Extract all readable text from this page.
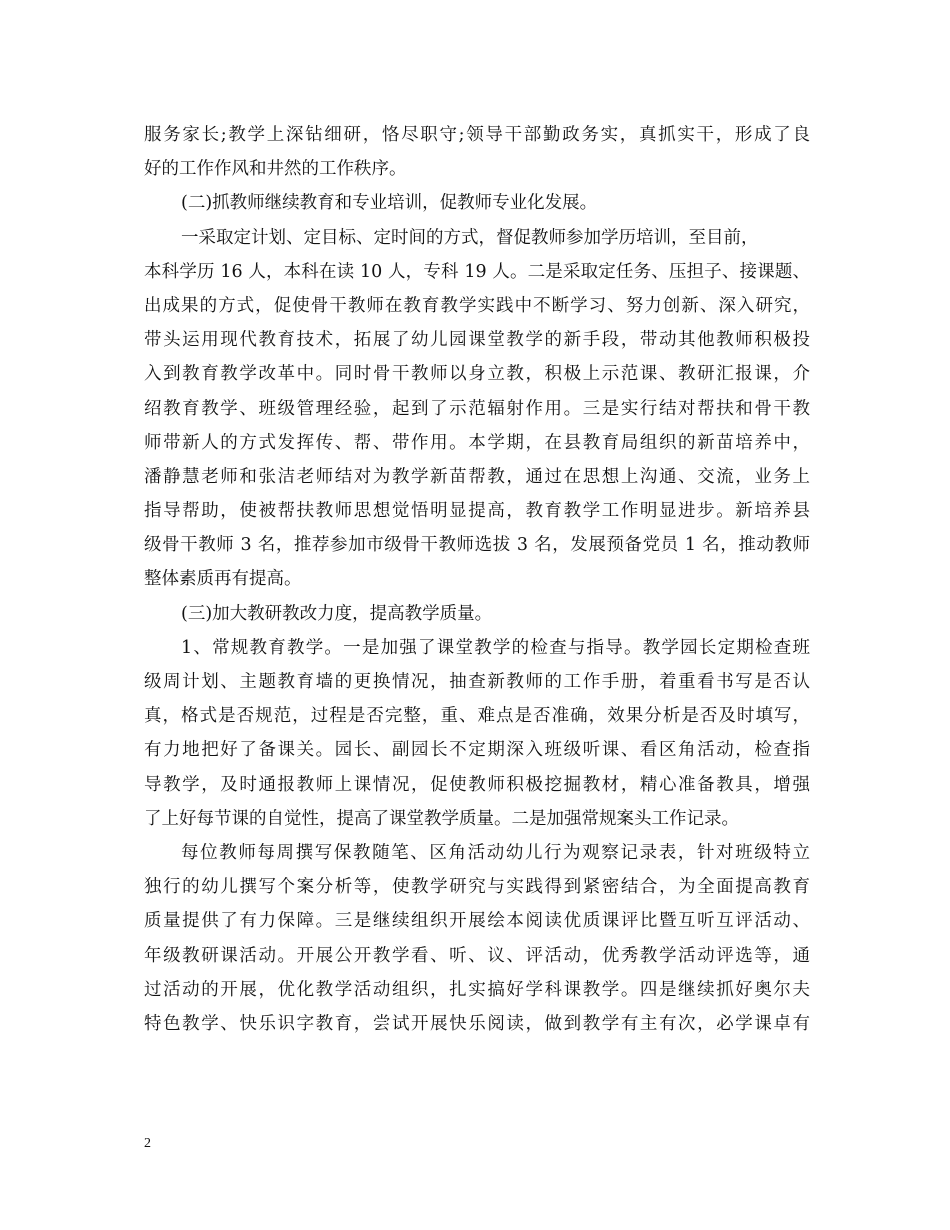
服务家长;教学上深钻细研，恪尽职守;领导干部勤政务实，真抓实干，形成了良
好的工作作风和井然的工作秩序。
(二)抓教师继续教育和专业培训，促教师专业化发展。
一采取定计划、定目标、定时间的方式，督促教师参加学历培训，至目前，
本科学历 16 人，本科在读 10 人，专科 19 人。二是采取定任务、压担子、接课题、
出成果的方式，促使骨干教师在教育教学实践中不断学习、努力创新、深入研究，
带头运用现代教育技术，拓展了幼儿园课堂教学的新手段，带动其他教师积极投
入到教育教学改革中。同时骨干教师以身立教，积极上示范课、教研汇报课，介
绍教育教学、班级管理经验，起到了示范辐射作用。三是实行结对帮扶和骨干教
师带新人的方式发挥传、帮、带作用。本学期，在县教育局组织的新苗培养中，
潘静慧老师和张洁老师结对为教学新苗帮教，通过在思想上沟通、交流，业务上
指导帮助，使被帮扶教师思想觉悟明显提高，教育教学工作明显进步。新培养县
级骨干教师 3 名，推荐参加市级骨干教师选拔 3 名，发展预备党员 1 名，推动教师
整体素质再有提高。
(三)加大教研教改力度，提高教学质量。
1、常规教育教学。一是加强了课堂教学的检查与指导。教学园长定期检查班
级周计划、主题教育墙的更换情况，抽查新教师的工作手册，着重看书写是否认
真，格式是否规范，过程是否完整，重、难点是否准确，效果分析是否及时填写，
有力地把好了备课关。园长、副园长不定期深入班级听课、看区角活动，检查指
导教学，及时通报教师上课情况，促使教师积极挖掘教材，精心准备教具，增强
了上好每节课的自觉性，提高了课堂教学质量。二是加强常规案头工作记录。
每位教师每周撰写保教随笔、区角活动幼儿行为观察记录表，针对班级特立
独行的幼儿撰写个案分析等，使教学研究与实践得到紧密结合，为全面提高教育
质量提供了有力保障。三是继续组织开展绘本阅读优质课评比暨互听互评活动、
年级教研课活动。开展公开教学看、听、议、评活动，优秀教学活动评选等，通
过活动的开展，优化教学活动组织，扎实搞好学科课教学。四是继续抓好奥尔夫
特色教学、快乐识字教育，尝试开展快乐阅读，做到教学有主有次，必学课卓有
2
